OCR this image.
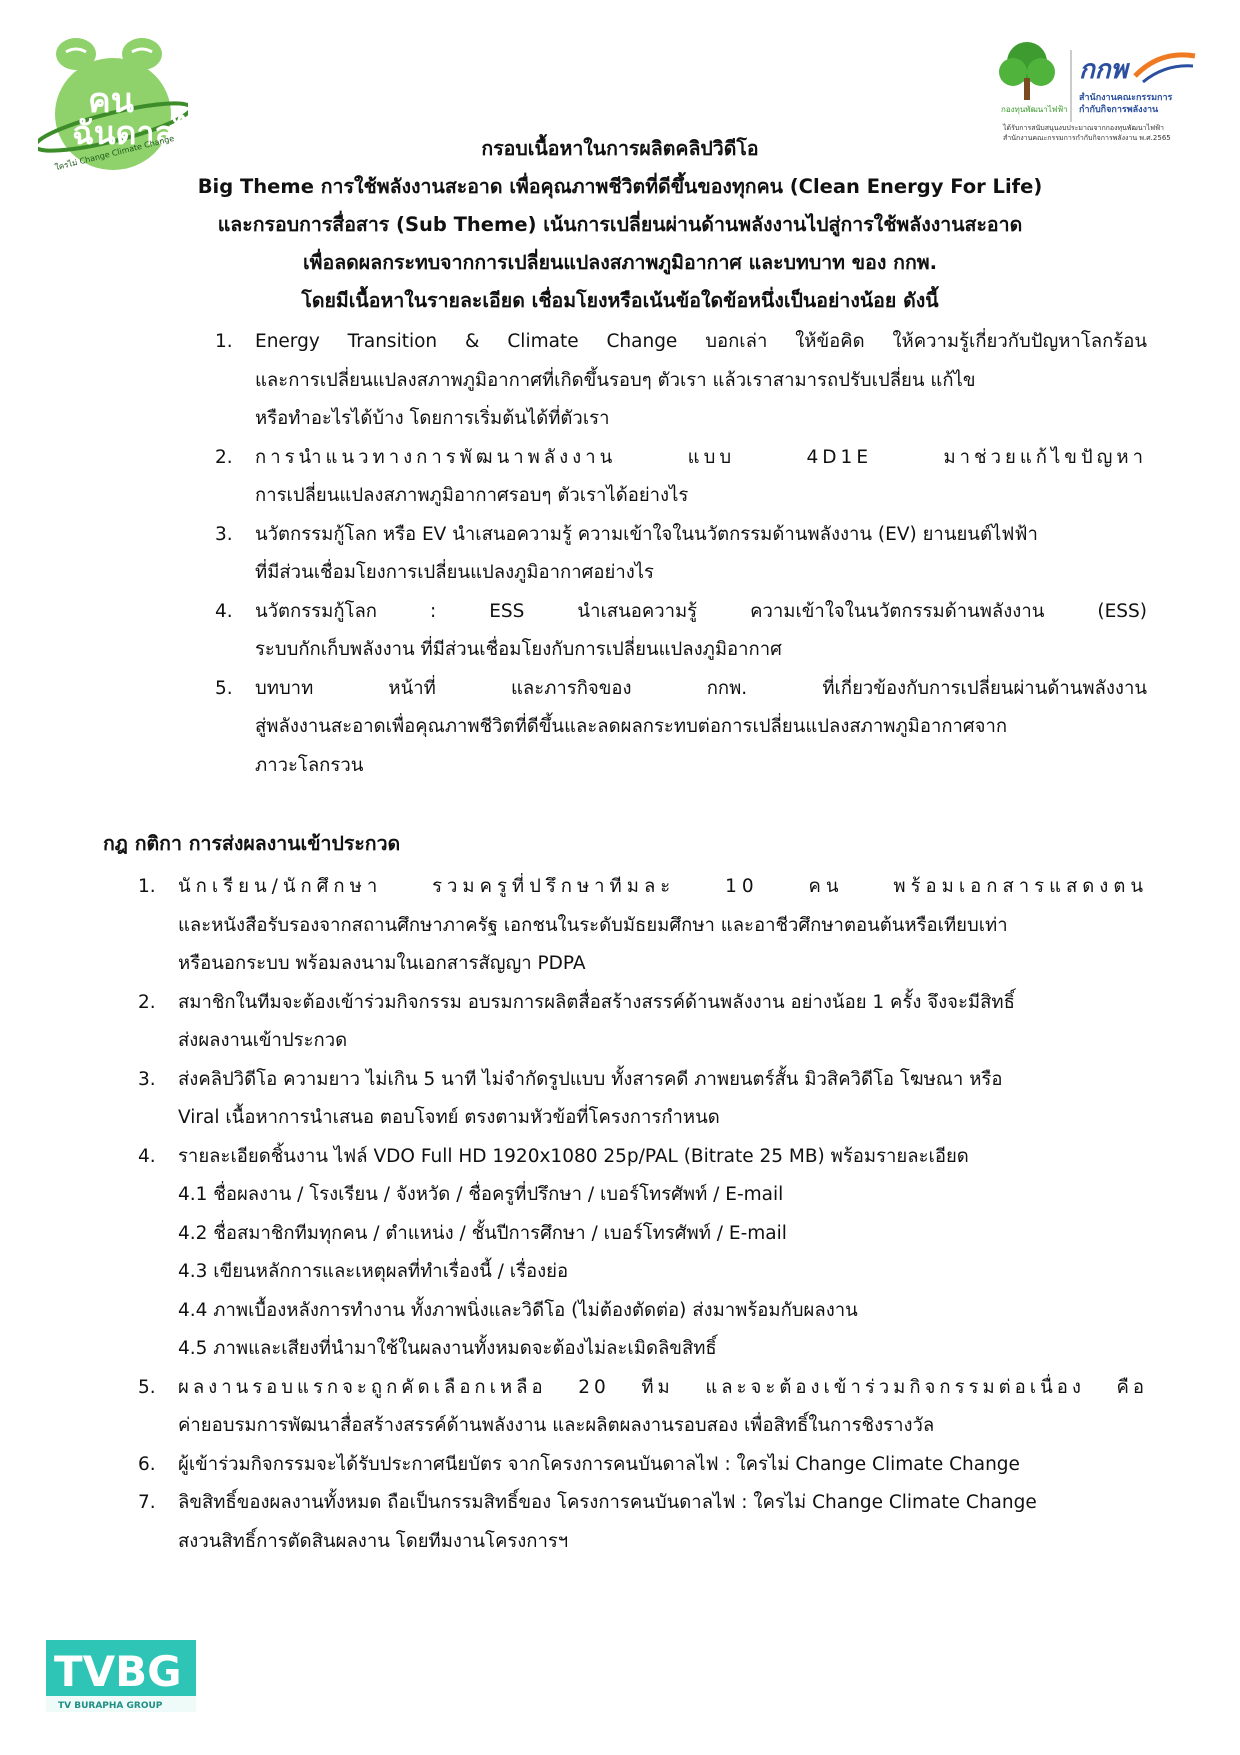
คน
ฉันดาลไ
ใครไม่ Change Climate Change
กองทุนพัฒนาไฟฟ้า
กกพ
สำนักงานคณะกรรมการ
กำกับกิจการพลังงาน
ได้รับการสนับสนุนงบประมาณจากกองทุนพัฒนาไฟฟ้า
สำนักงานคณะกรรมการกำกับกิจการพลังงาน พ.ศ.2565
กรอบเนื้อหาในการผลิตคลิปวิดีโอ
Big Theme การใช้พลังงานสะอาด เพื่อคุณภาพชีวิตที่ดีขึ้นของทุกคน (Clean Energy For Life)
และกรอบการสื่อสาร (Sub Theme) เน้นการเปลี่ยนผ่านด้านพลังงานไปสู่การใช้พลังงานสะอาด
เพื่อลดผลกระทบจากการเปลี่ยนแปลงสภาพภูมิอากาศ และบทบาท ของ กกพ.
โดยมีเนื้อหาในรายละเอียด เชื่อมโยงหรือเน้นข้อใดข้อหนึ่งเป็นอย่างน้อย ดังนี้
1. Energy Transition & Climate Change บอกเล่า ให้ข้อคิด ให้ความรู้เกี่ยวกับปัญหาโลกร้อน
และการเปลี่ยนแปลงสภาพภูมิอากาศที่เกิดขึ้นรอบๆ ตัวเรา แล้วเราสามารถปรับเปลี่ยน แก้ไข
หรือทำอะไรได้บ้าง โดยการเริ่มต้นได้ที่ตัวเรา
2. การนำแนวทางการพัฒนาพลังงาน แบบ 4D1E มาช่วยแก้ไขปัญหา
การเปลี่ยนแปลงสภาพภูมิอากาศรอบๆ ตัวเราได้อย่างไร
3. นวัตกรรมกู้โลก หรือ EV นำเสนอความรู้ ความเข้าใจในนวัตกรรมด้านพลังงาน (EV) ยานยนต์ไฟฟ้า
ที่มีส่วนเชื่อมโยงการเปลี่ยนแปลงภูมิอากาศอย่างไร
4. นวัตกรรมกู้โลก : ESS นำเสนอความรู้ ความเข้าใจในนวัตกรรมด้านพลังงาน (ESS)
ระบบกักเก็บพลังงาน ที่มีส่วนเชื่อมโยงกับการเปลี่ยนแปลงภูมิอากาศ
5. บทบาท หน้าที่ และภารกิจของ กกพ. ที่เกี่ยวข้องกับการเปลี่ยนผ่านด้านพลังงาน
สู่พลังงานสะอาดเพื่อคุณภาพชีวิตที่ดีขึ้นและลดผลกระทบต่อการเปลี่ยนแปลงสภาพภูมิอากาศจาก
ภาวะโลกรวน
กฎ กติกา การส่งผลงานเข้าประกวด
1. นักเรียน/นักศึกษา รวมครูที่ปรึกษาทีมละ 10 คน พร้อมเอกสารแสดงตน
และหนังสือรับรองจากสถานศึกษาภาครัฐ เอกชนในระดับมัธยมศึกษา และอาชีวศึกษาตอนต้นหรือเทียบเท่า
หรือนอกระบบ พร้อมลงนามในเอกสารสัญญา PDPA
2. สมาชิกในทีมจะต้องเข้าร่วมกิจกรรม อบรมการผลิตสื่อสร้างสรรค์ด้านพลังงาน อย่างน้อย 1 ครั้ง จึงจะมีสิทธิ์
ส่งผลงานเข้าประกวด
3. ส่งคลิปวิดีโอ ความยาว ไม่เกิน 5 นาที ไม่จำกัดรูปแบบ ทั้งสารคดี ภาพยนตร์สั้น มิวสิควิดีโอ โฆษณา หรือ
Viral เนื้อหาการนำเสนอ ตอบโจทย์ ตรงตามหัวข้อที่โครงการกำหนด
4. รายละเอียดชิ้นงาน ไฟล์ VDO Full HD 1920x1080 25p/PAL (Bitrate 25 MB) พร้อมรายละเอียด
4.1 ชื่อผลงาน / โรงเรียน / จังหวัด / ชื่อครูที่ปรึกษา / เบอร์โทรศัพท์ / E-mail
4.2 ชื่อสมาชิกทีมทุกคน / ตำแหน่ง / ชั้นปีการศึกษา / เบอร์โทรศัพท์ / E-mail
4.3 เขียนหลักการและเหตุผลที่ทำเรื่องนี้ / เรื่องย่อ
4.4 ภาพเบื้องหลังการทำงาน ทั้งภาพนิ่งและวิดีโอ (ไม่ต้องตัดต่อ) ส่งมาพร้อมกับผลงาน
4.5 ภาพและเสียงที่นำมาใช้ในผลงานทั้งหมดจะต้องไม่ละเมิดลิขสิทธิ์
5. ผลงานรอบแรกจะถูกคัดเลือกเหลือ 20 ทีม และจะต้องเข้าร่วมกิจกรรมต่อเนื่อง คือ
ค่ายอบรมการพัฒนาสื่อสร้างสรรค์ด้านพลังงาน และผลิตผลงานรอบสอง เพื่อสิทธิ์ในการชิงรางวัล
6. ผู้เข้าร่วมกิจกรรมจะได้รับประกาศนียบัตร จากโครงการคนบันดาลไฟ : ใครไม่ Change Climate Change
7. ลิขสิทธิ์ของผลงานทั้งหมด ถือเป็นกรรมสิทธิ์ของ โครงการคนบันดาลไฟ : ใครไม่ Change Climate Change
สงวนสิทธิ์การตัดสินผลงาน โดยทีมงานโครงการฯ
TVBG
TV BURAPHA GROUP
